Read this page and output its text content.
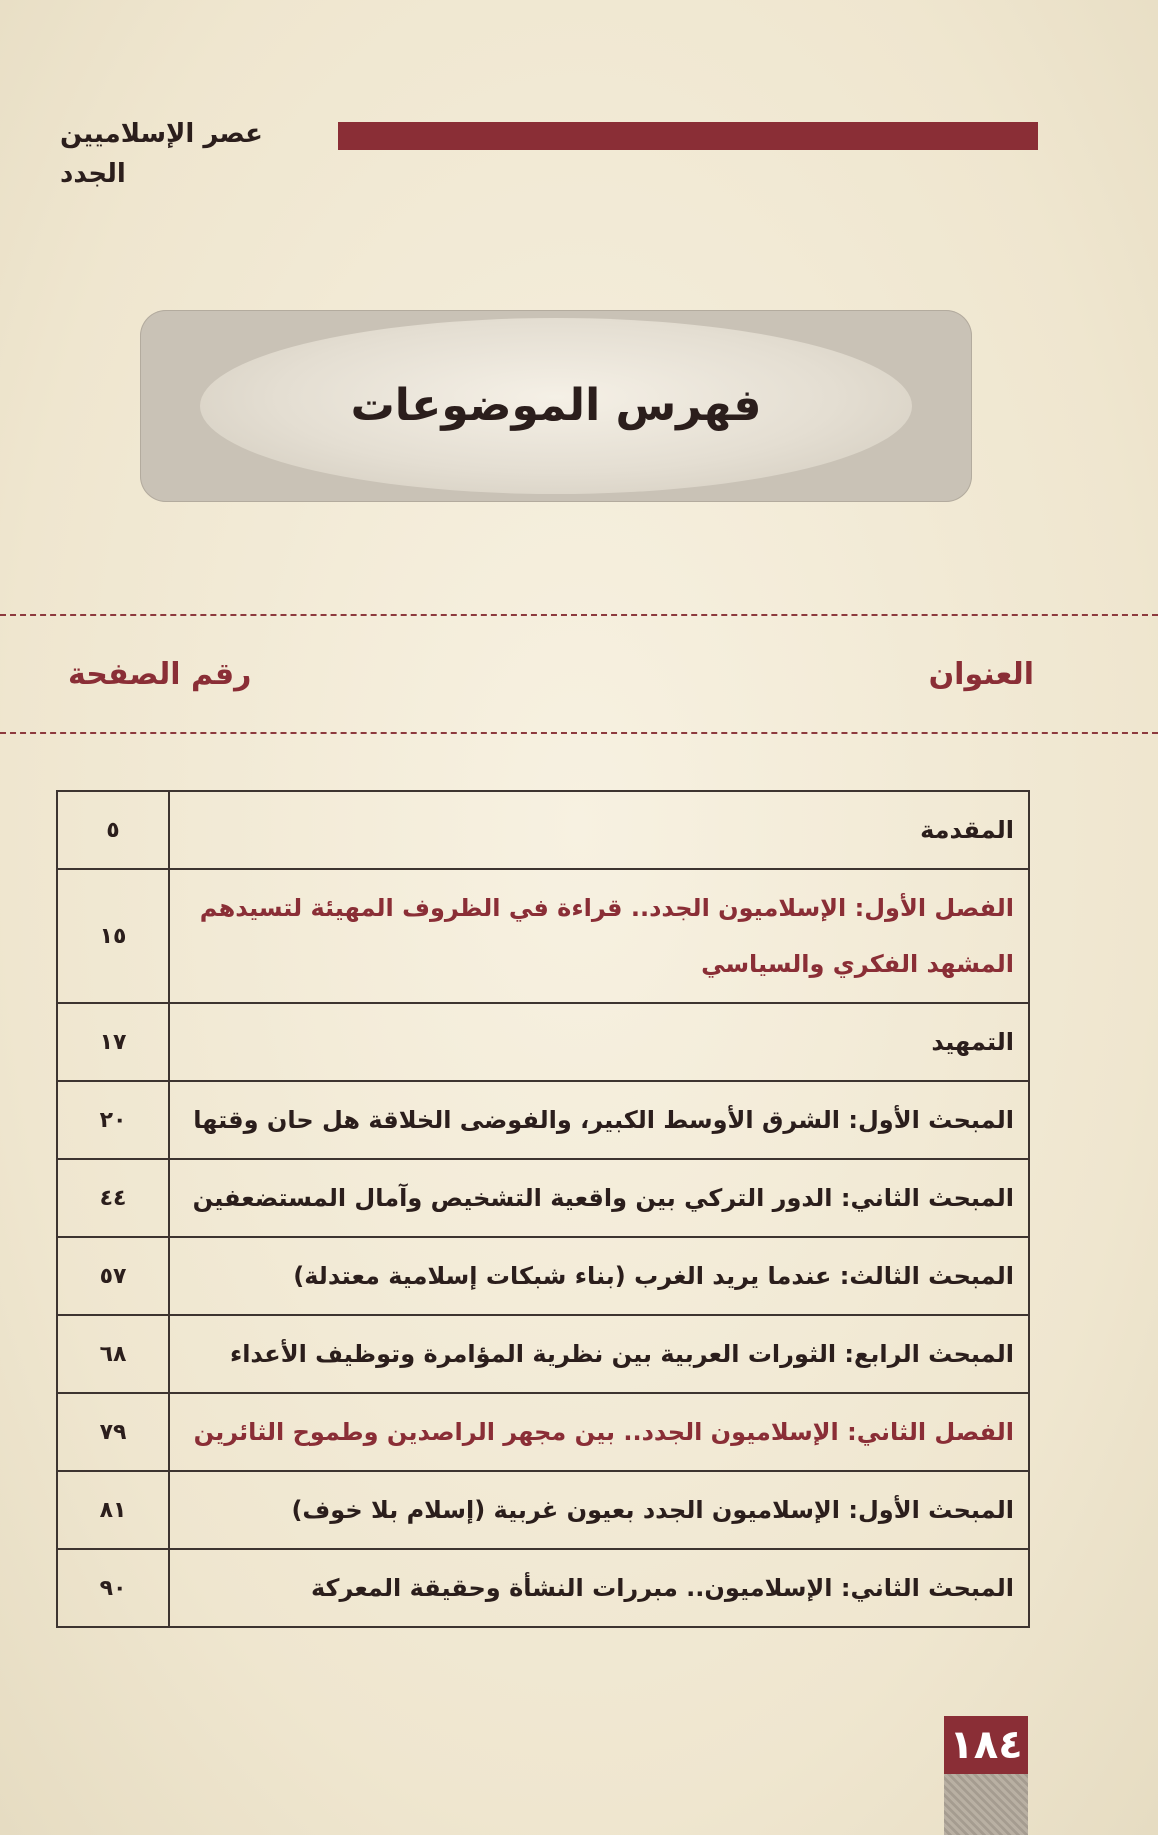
عصر الإسلاميين الجدد
فهرس الموضوعات
العنوان
رقم الصفحة
المقدمة
٥
الفصل الأول: الإسلاميون الجدد.. قراءة في الظروف المهيئة لتسيدهم المشهد الفكري والسياسي
١٥
التمهيد
١٧
المبحث الأول: الشرق الأوسط الكبير، والفوضى الخلاقة هل حان وقتها
٢٠
المبحث الثاني: الدور التركي بين واقعية التشخيص وآمال المستضعفين
٤٤
المبحث الثالث: عندما يريد الغرب (بناء شبكات إسلامية معتدلة)
٥٧
المبحث الرابع: الثورات العربية بين نظرية المؤامرة وتوظيف الأعداء
٦٨
الفصل الثاني: الإسلاميون الجدد.. بين مجهر الراصدين وطموح الثائرين
٧٩
المبحث الأول: الإسلاميون الجدد بعيون غربية (إسلام بلا خوف)
٨١
المبحث الثاني: الإسلاميون.. مبررات النشأة وحقيقة المعركة
٩٠
١٨٤
